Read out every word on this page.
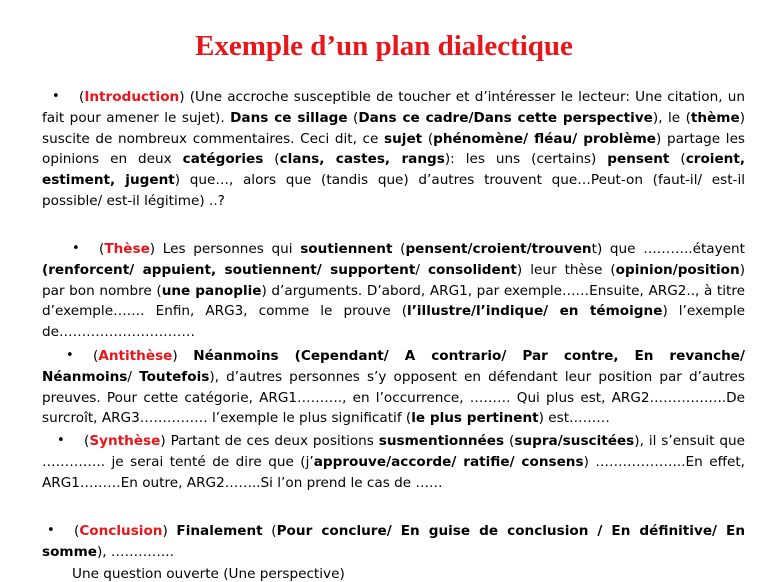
Exemple d’un plan dialectique
• (Introduction) (Une accroche susceptible de toucher et d’intéresser le lecteur: Une citation, un fait pour amener le sujet). Dans ce sillage (Dans ce cadre/Dans cette perspective), le (thème) suscite de nombreux commentaires. Ceci dit, ce sujet (phénomène/ fléau/ problème) partage les opinions en deux catégories (clans, castes, rangs): les uns (certains) pensent (croient, estiment, jugent) que…, alors que (tandis que) d’autres trouvent que…Peut-on (faut-il/ est-il possible/ est-il légitime) ..?
• (Thèse) Les personnes qui soutiennent (pensent/croient/trouvent) que ………..étayent (renforcent/ appuient, soutiennent/ supportent/ consolident) leur thèse (opinion/position) par bon nombre (une panoplie) d’arguments. D’abord, ARG1, par exemple……Ensuite, ARG2.., à titre d’exemple……. Enfin, ARG3, comme le prouve (l’illustre/l’indique/ en témoigne) l’exemple de…………………………
• (Antithèse) Néanmoins (Cependant/ A contrario/ Par contre, En revanche/ Néanmoins/ Toutefois), d’autres personnes s’y opposent en défendant leur position par d’autres preuves. Pour cette catégorie, ARG1………., en l’occurrence, ……… Qui plus est, ARG2……………..De surcroît, ARG3…………… l’exemple le plus significatif (le plus pertinent) est………
• (Synthèse) Partant de ces deux positions susmentionnées (supra/suscitées), il s’ensuit que ………….. je serai tenté de dire que (j’approuve/accorde/ ratifie/ consens) ………………..En effet, ARG1………En outre, ARG2……..Si l’on prend le cas de ……
• (Conclusion) Finalement (Pour conclure/ En guise de conclusion / En définitive/ En somme), …………..
Une question ouverte (Une perspective)
